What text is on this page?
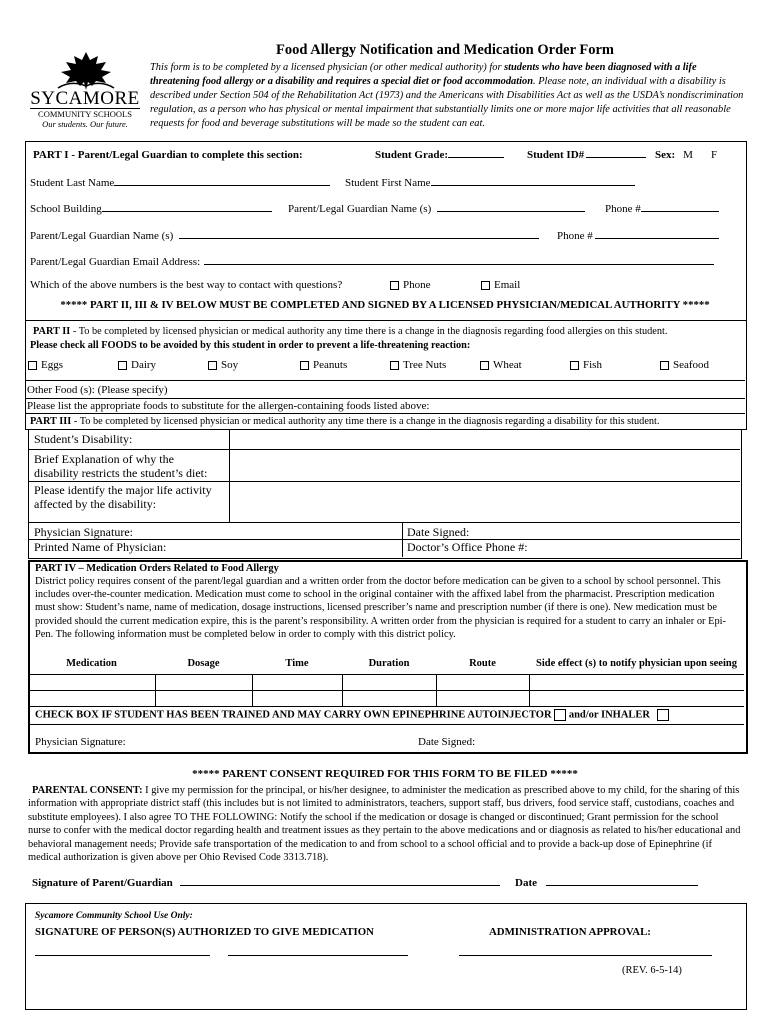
SYCAMORE
COMMUNITY SCHOOLS
Our students. Our future.
Food Allergy Notification and Medication Order Form
This form is to be completed by a licensed physician (or other medical authority) for students who have been diagnosed with a life threatening food allergy or a disability and requires a special diet or food accommodation. Please note, an individual with a disability is described under Section 504 of the Rehabilitation Act (1973) and the Americans with Disabilities Act as well as the USDA’s nondiscrimination regulation, as a person who has physical or mental impairment that substantially limits one or more major life activities that all reasonable requests for food and beverage substitutions will be made so the student can eat.
PART I - Parent/Legal Guardian to complete this section:	Student Grade:	Student ID#	Sex: M F
Student Last Name	Student First Name
School Building	Parent/Legal Guardian Name (s)	Phone #
Parent/Legal Guardian Name (s)	Phone #
Parent/Legal Guardian Email Address:
Which of the above numbers is the best way to contact with questions?	Phone	Email
***** PART II, III & IV BELOW MUST BE COMPLETED AND SIGNED BY A LICENSED PHYSICIAN/MEDICAL AUTHORITY *****
PART II - To be completed by licensed physician or medical authority any time there is a change in the diagnosis regarding food allergies on this student.
Please check all FOODS to be avoided by this student in order to prevent a life-threatening reaction:
Eggs	Dairy	Soy	Peanuts	Tree Nuts	Wheat	Fish	Seafood
Other Food (s): (Please specify)
Please list the appropriate foods to substitute for the allergen-containing foods listed above:
PART III - To be completed by licensed physician or medical authority any time there is a change in the diagnosis regarding a disability for this student.
Student’s Disability:
Brief Explanation of why the
disability restricts the student’s diet:
Please identify the major life activity
affected by the disability:
Physician Signature:	Date Signed:
Printed Name of Physician:	Doctor’s Office Phone #:
PART IV – Medication Orders Related to Food Allergy
District policy requires consent of the parent/legal guardian and a written order from the doctor before medication can be given to a school by school personnel. This includes over-the-counter medication. Medication must come to school in the original container with the affixed label from the pharmacist. Prescription medication must show: Student’s name, name of medication, dosage instructions, licensed prescriber’s name and prescription number (if there is one). New medication must be provided should the current medication expire, this is the parent’s responsibility. A written order from the physician is required for a student to carry an inhaler or Epi-Pen. The following information must be completed below in order to comply with this district policy.
Medication	Dosage	Time	Duration	Route	Side effect (s) to notify physician upon seeing
CHECK BOX IF STUDENT HAS BEEN TRAINED AND MAY CARRY OWN EPINEPHRINE AUTOINJECTOR and/or INHALER
Physician Signature:	Date Signed:
***** PARENT CONSENT REQUIRED FOR THIS FORM TO BE FILED *****
PARENTAL CONSENT: I give my permission for the principal, or his/her designee, to administer the medication as prescribed above to my child, for the sharing of this information with appropriate district staff (this includes but is not limited to administrators, teachers, support staff, bus drivers, food service staff, custodians, coaches and substitute employees). I also agree TO THE FOLLOWING: Notify the school if the medication or dosage is changed or discontinued; Grant permission for the school nurse to confer with the medical doctor regarding health and treatment issues as they pertain to the above medications and or diagnosis as related to his/her educational and behavioral management needs; Provide safe transportation of the medication to and from school to a school official and to provide a back-up dose of Epinephrine (if medical authorization is given above per Ohio Revised Code 3313.718).
Signature of Parent/Guardian	Date
Sycamore Community School Use Only:
SIGNATURE OF PERSON(S) AUTHORIZED TO GIVE MEDICATION	ADMINISTRATION APPROVAL:
(REV. 6-5-14)
